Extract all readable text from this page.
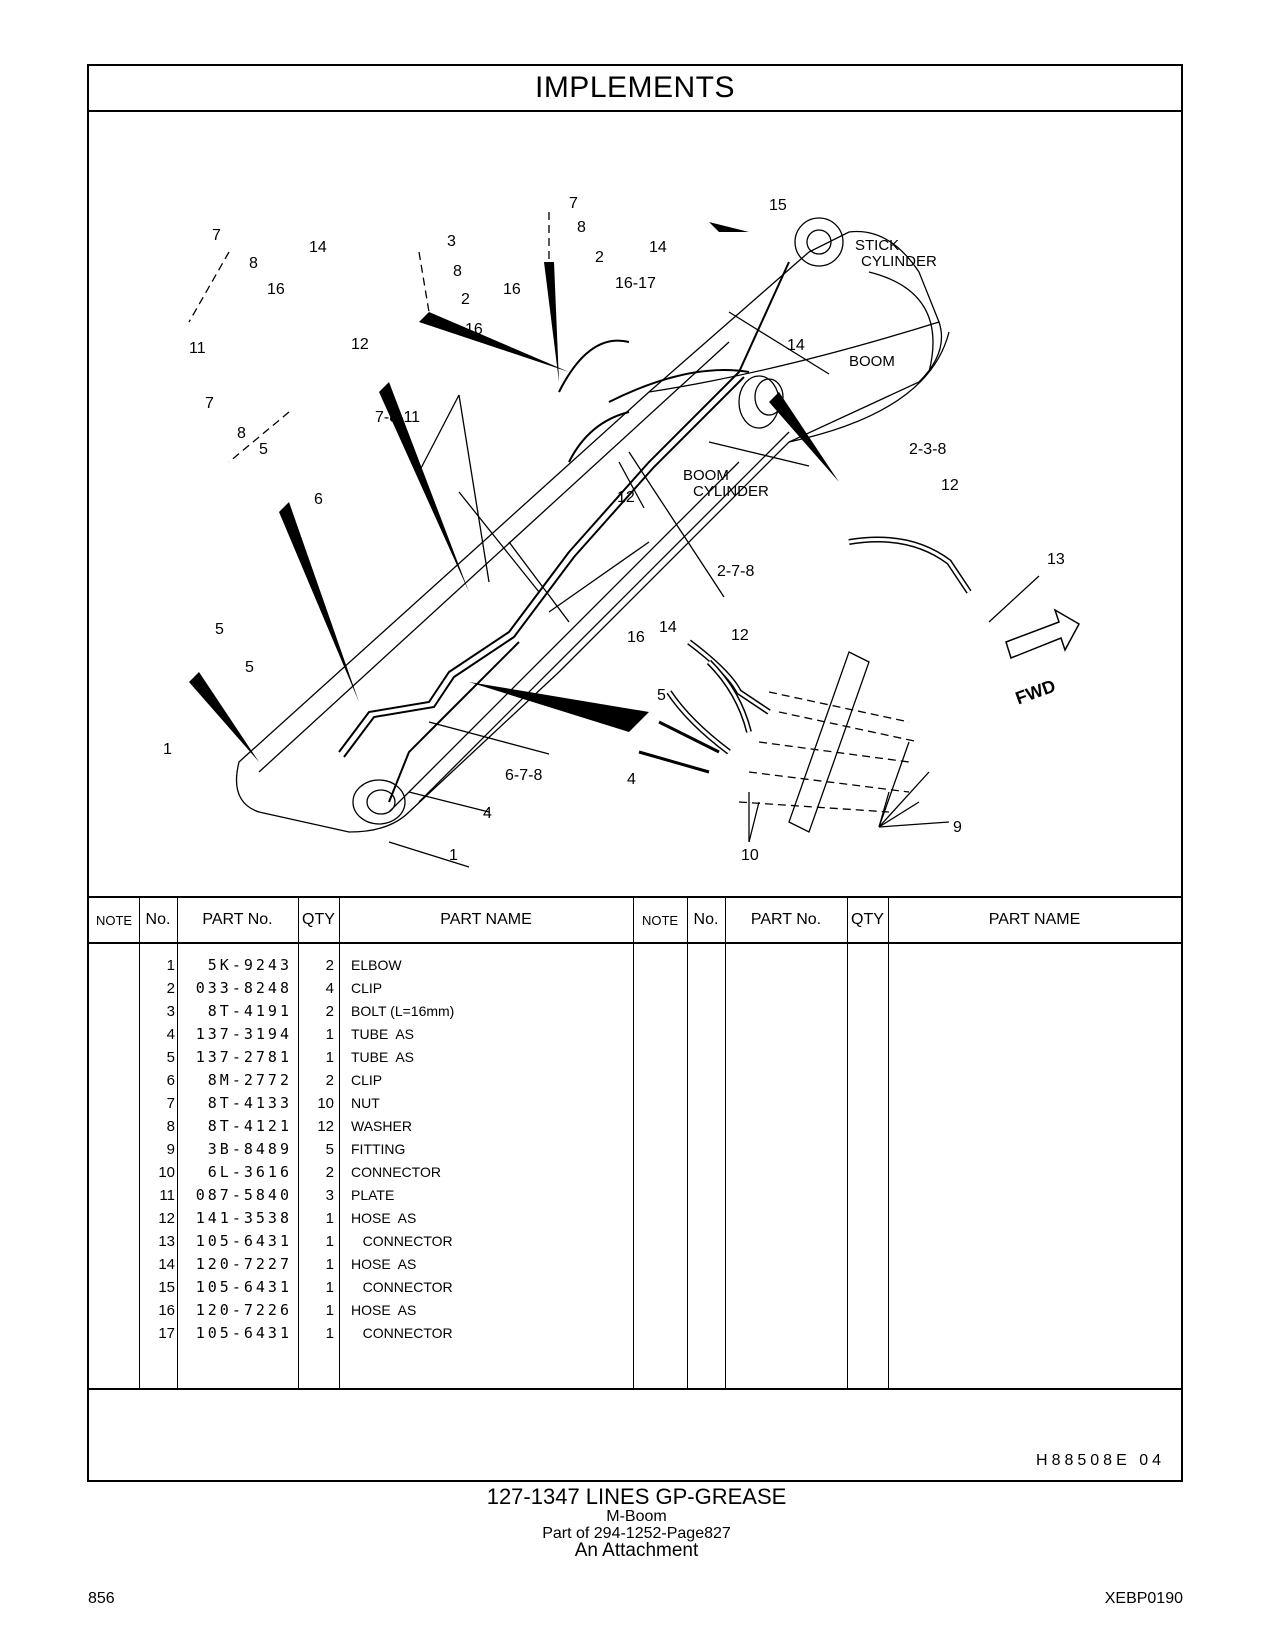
IMPLEMENTS
7
8
14
16
11	12
7
8
5
6
5
5
1
3
8
2
16
7
8
2
16
14
15
16-17
14
7-8-11
12
2-7-8
2-3-8
12
13
6-7-8
4
1
14	12
16
5
4
10
9
STICK
CYLINDER
BOOM
BOOM
CYLINDER
FWD
NOTE No.	PART No.	QTY	PART NAME	NOTE No.	PART No.	QTY	PART NAME
1	5K-9243	2 ELBOW
2	033-8248	4 CLIP
3	8T-4191	2 BOLT (L=16mm)
4	137-3194	1 TUBE  AS
5	137-2781	1 TUBE  AS
6	8M-2772	2 CLIP
7	8T-4133	10 NUT
8	8T-4121	12 WASHER
9	3B-8489	5 FITTING
10	6L-3616	2 CONNECTOR
11	087-5840	3 PLATE
12	141-3538	1 HOSE  AS
13	105-6431	1 CONNECTOR
14	120-7227	1 HOSE  AS
15	105-6431	1 CONNECTOR
16	120-7226	1 HOSE  AS
17	105-6431	1 CONNECTOR
H88508E 04
127-1347 LINES GP-GREASE
M-Boom
Part of 294-1252-Page827
An Attachment
856	XEBP0190
